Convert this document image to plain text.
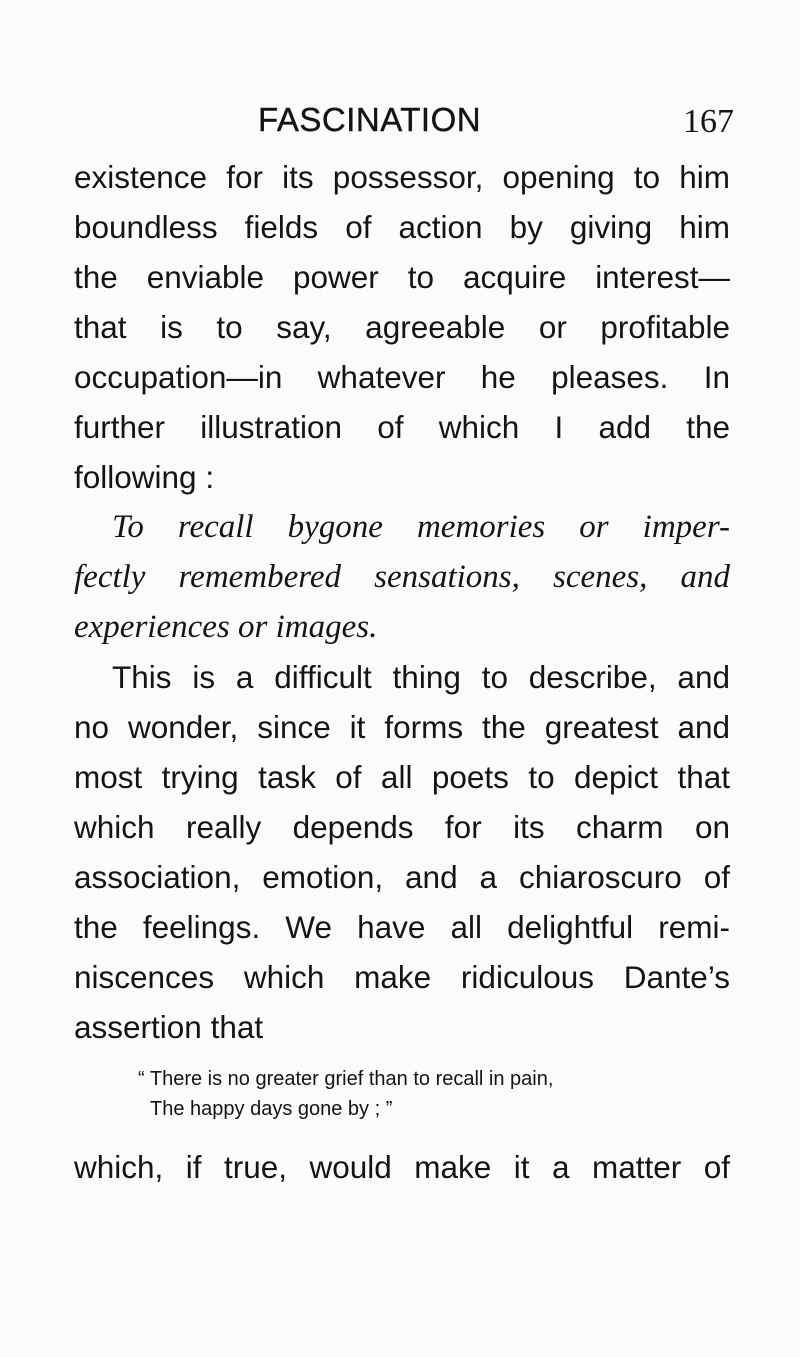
FASCINATION	167
existence for its possessor, opening to him
boundless fields of action by giving him
the enviable power to acquire interest—
that is to say, agreeable or profitable
occupation—in whatever he pleases. In
further illustration of which I add the
following :
To recall bygone memories or imper-
fectly remembered sensations, scenes, and
experiences or images.
This is a difficult thing to describe, and
no wonder, since it forms the greatest and
most trying task of all poets to depict that
which really depends for its charm on
association, emotion, and a chiaroscuro of
the feelings. We have all delightful remi-
niscences which make ridiculous Dante’s
assertion that
“ There is no greater grief than to recall in pain,
The happy days gone by ; ”
which, if true, would make it a matter of
